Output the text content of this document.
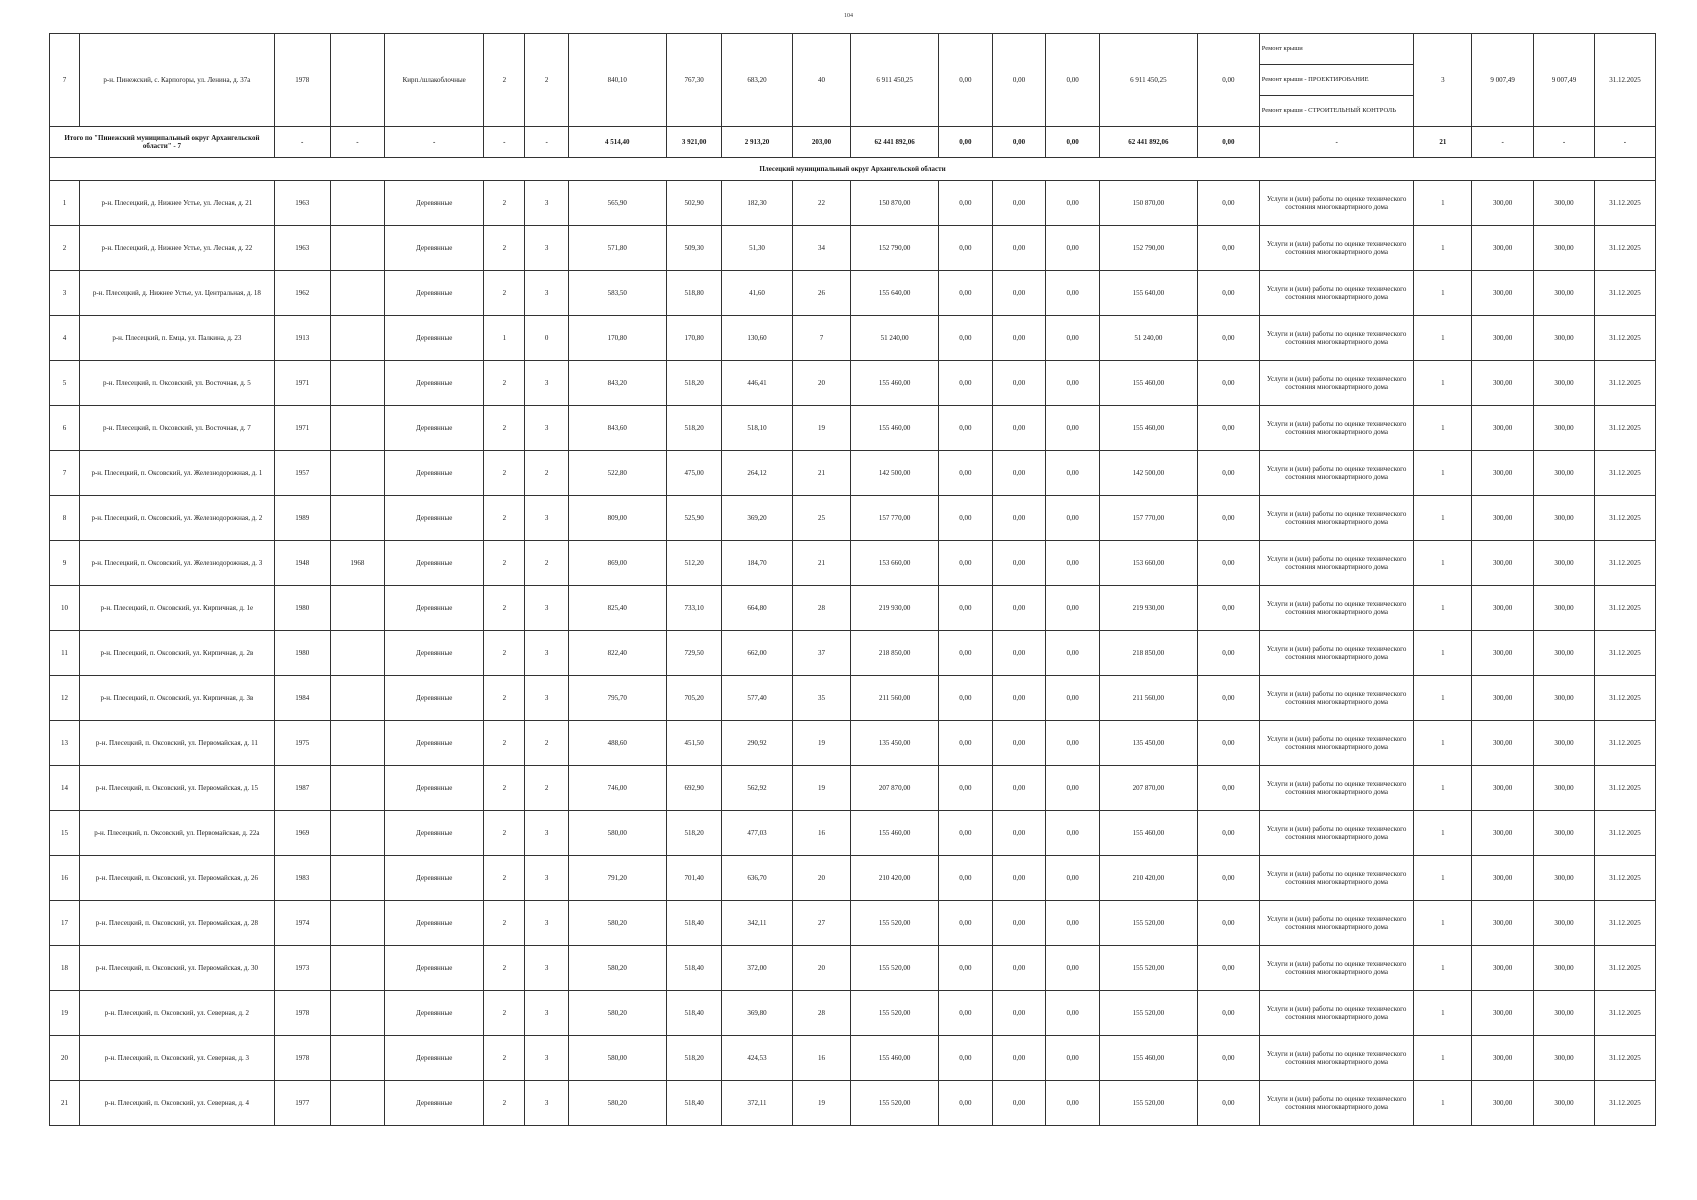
104
7	р-н. Пинежский, с. Карпогоры, ул. Ленина, д. 37а	1978		Кирп./шлакоблочные	2	2	840,10	767,30	683,20	40	6 911 450,25	0,00	0,00	0,00	6 911 450,25	0,00	Ремонт крыши
Ремонт крыши - ПРОЕКТИРОВАНИЕ
Ремонт крыши - СТРОИТЕЛЬНЫЙ КОНТРОЛЬ	3	9 007,49	9 007,49	31.12.2025
Итого по "Пинежский муниципальный округ Архангельской области" - 7		-	-	-	-	-	4 514,40	3 921,00	2 913,20	203,00	62 441 892,06	0,00	0,00	0,00	62 441 892,06	0,00	-	21	-	-	-
Плесецкий муниципальный округ Архангельской области																					
1	р-н. Плесецкий, д. Нижнее Устье, ул. Лесная, д. 21	1963		Деревянные	2	3	565,90	502,90	182,30	22	150 870,00	0,00	0,00	0,00	150 870,00	0,00	Услуги и (или) работы по оценке технического состояния многоквартирного дома	1	300,00	300,00	31.12.2025
2	р-н. Плесецкий, д. Нижнее Устье, ул. Лесная, д. 22	1963		Деревянные	2	3	571,80	509,30	51,30	34	152 790,00	0,00	0,00	0,00	152 790,00	0,00	Услуги и (или) работы по оценке технического состояния многоквартирного дома	1	300,00	300,00	31.12.2025
3	р-н. Плесецкий, д. Нижнее Устье, ул. Центральная, д. 18	1962		Деревянные	2	3	583,50	518,80	41,60	26	155 640,00	0,00	0,00	0,00	155 640,00	0,00	Услуги и (или) работы по оценке технического состояния многоквартирного дома	1	300,00	300,00	31.12.2025
4	р-н. Плесецкий, п. Емца, ул. Палкина, д. 23	1913		Деревянные	1	0	170,80	170,80	130,60	7	51 240,00	0,00	0,00	0,00	51 240,00	0,00	Услуги и (или) работы по оценке технического состояния многоквартирного дома	1	300,00	300,00	31.12.2025
5	р-н. Плесецкий, п. Оксовский, ул. Восточная, д. 5	1971		Деревянные	2	3	843,20	518,20	446,41	20	155 460,00	0,00	0,00	0,00	155 460,00	0,00	Услуги и (или) работы по оценке технического состояния многоквартирного дома	1	300,00	300,00	31.12.2025
6	р-н. Плесецкий, п. Оксовский, ул. Восточная, д. 7	1971		Деревянные	2	3	843,60	518,20	518,10	19	155 460,00	0,00	0,00	0,00	155 460,00	0,00	Услуги и (или) работы по оценке технического состояния многоквартирного дома	1	300,00	300,00	31.12.2025
7	р-н. Плесецкий, п. Оксовский, ул. Железнодорожная, д. 1	1957		Деревянные	2	2	522,80	475,00	264,12	21	142 500,00	0,00	0,00	0,00	142 500,00	0,00	Услуги и (или) работы по оценке технического состояния многоквартирного дома	1	300,00	300,00	31.12.2025
8	р-н. Плесецкий, п. Оксовский, ул. Железнодорожная, д. 2	1989		Деревянные	2	3	809,00	525,90	369,20	25	157 770,00	0,00	0,00	0,00	157 770,00	0,00	Услуги и (или) работы по оценке технического состояния многоквартирного дома	1	300,00	300,00	31.12.2025
9	р-н. Плесецкий, п. Оксовский, ул. Железнодорожная, д. 3	1948	1968	Деревянные	2	2	869,00	512,20	184,70	21	153 660,00	0,00	0,00	0,00	153 660,00	0,00	Услуги и (или) работы по оценке технического состояния многоквартирного дома	1	300,00	300,00	31.12.2025
10	р-н. Плесецкий, п. Оксовский, ул. Кирпичная, д. 1е	1980		Деревянные	2	3	825,40	733,10	664,80	28	219 930,00	0,00	0,00	0,00	219 930,00	0,00	Услуги и (или) работы по оценке технического состояния многоквартирного дома	1	300,00	300,00	31.12.2025
11	р-н. Плесецкий, п. Оксовский, ул. Кирпичная, д. 2в	1980		Деревянные	2	3	822,40	729,50	662,00	37	218 850,00	0,00	0,00	0,00	218 850,00	0,00	Услуги и (или) работы по оценке технического состояния многоквартирного дома	1	300,00	300,00	31.12.2025
12	р-н. Плесецкий, п. Оксовский, ул. Кирпичная, д. 3в	1984		Деревянные	2	3	795,70	705,20	577,40	35	211 560,00	0,00	0,00	0,00	211 560,00	0,00	Услуги и (или) работы по оценке технического состояния многоквартирного дома	1	300,00	300,00	31.12.2025
13	р-н. Плесецкий, п. Оксовский, ул. Первомайская, д. 11	1975		Деревянные	2	2	488,60	451,50	290,92	19	135 450,00	0,00	0,00	0,00	135 450,00	0,00	Услуги и (или) работы по оценке технического состояния многоквартирного дома	1	300,00	300,00	31.12.2025
14	р-н. Плесецкий, п. Оксовский, ул. Первомайская, д. 15	1987		Деревянные	2	2	746,00	692,90	562,92	19	207 870,00	0,00	0,00	0,00	207 870,00	0,00	Услуги и (или) работы по оценке технического состояния многоквартирного дома	1	300,00	300,00	31.12.2025
15	р-н. Плесецкий, п. Оксовский, ул. Первомайская, д. 22а	1969		Деревянные	2	3	580,00	518,20	477,03	16	155 460,00	0,00	0,00	0,00	155 460,00	0,00	Услуги и (или) работы по оценке технического состояния многоквартирного дома	1	300,00	300,00	31.12.2025
16	р-н. Плесецкий, п. Оксовский, ул. Первомайская, д. 26	1983		Деревянные	2	3	791,20	701,40	636,70	20	210 420,00	0,00	0,00	0,00	210 420,00	0,00	Услуги и (или) работы по оценке технического состояния многоквартирного дома	1	300,00	300,00	31.12.2025
17	р-н. Плесецкий, п. Оксовский, ул. Первомайская, д. 28	1974		Деревянные	2	3	580,20	518,40	342,11	27	155 520,00	0,00	0,00	0,00	155 520,00	0,00	Услуги и (или) работы по оценке технического состояния многоквартирного дома	1	300,00	300,00	31.12.2025
18	р-н. Плесецкий, п. Оксовский, ул. Первомайская, д. 30	1973		Деревянные	2	3	580,20	518,40	372,00	20	155 520,00	0,00	0,00	0,00	155 520,00	0,00	Услуги и (или) работы по оценке технического состояния многоквартирного дома	1	300,00	300,00	31.12.2025
19	р-н. Плесецкий, п. Оксовский, ул. Северная, д. 2	1978		Деревянные	2	3	580,20	518,40	369,80	28	155 520,00	0,00	0,00	0,00	155 520,00	0,00	Услуги и (или) работы по оценке технического состояния многоквартирного дома	1	300,00	300,00	31.12.2025
20	р-н. Плесецкий, п. Оксовский, ул. Северная, д. 3	1978		Деревянные	2	3	580,00	518,20	424,53	16	155 460,00	0,00	0,00	0,00	155 460,00	0,00	Услуги и (или) работы по оценке технического состояния многоквартирного дома	1	300,00	300,00	31.12.2025
21	р-н. Плесецкий, п. Оксовский, ул. Северная, д. 4	1977		Деревянные	2	3	580,20	518,40	372,11	19	155 520,00	0,00	0,00	0,00	155 520,00	0,00	Услуги и (или) работы по оценке технического состояния многоквартирного дома	1	300,00	300,00	31.12.2025
